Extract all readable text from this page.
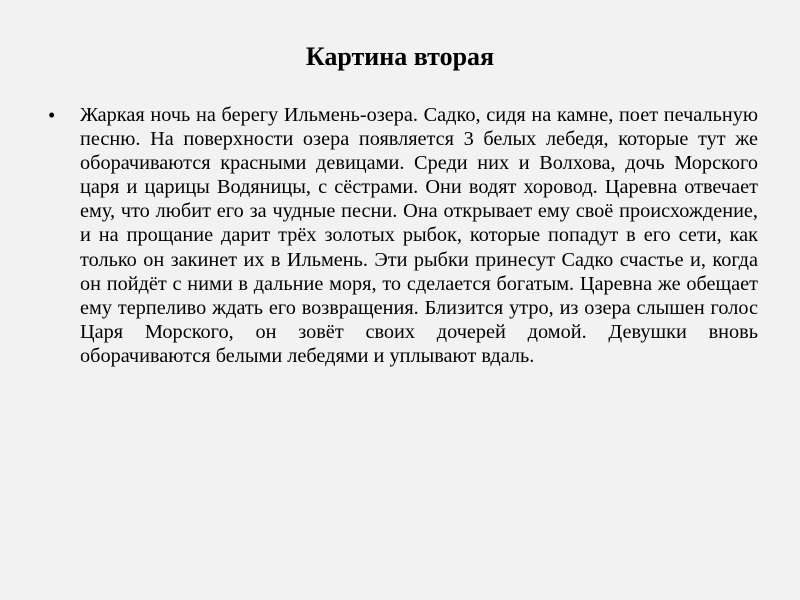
Картина вторая
• Жаркая ночь на берегу Ильмень-озера. Садко, сидя на камне, поет печальную песню. На поверхности озера появляется 3 белых лебедя, которые тут же оборачиваются красными девицами. Среди них и Волхова, дочь Морского царя и царицы Водяницы, с сёстрами. Они водят хоровод. Царевна отвечает ему, что любит его за чудные песни. Она открывает ему своё происхождение, и на прощание дарит трёх золотых рыбок, которые попадут в его сети, как только он закинет их в Ильмень. Эти рыбки принесут Садко счастье и, когда он пойдёт с ними в дальние моря, то сделается богатым. Царевна же обещает ему терпеливо ждать его возвращения. Близится утро, из озера слышен голос Царя Морского, он зовёт своих дочерей домой. Девушки вновь оборачиваются белыми лебедями и уплывают вдаль.
